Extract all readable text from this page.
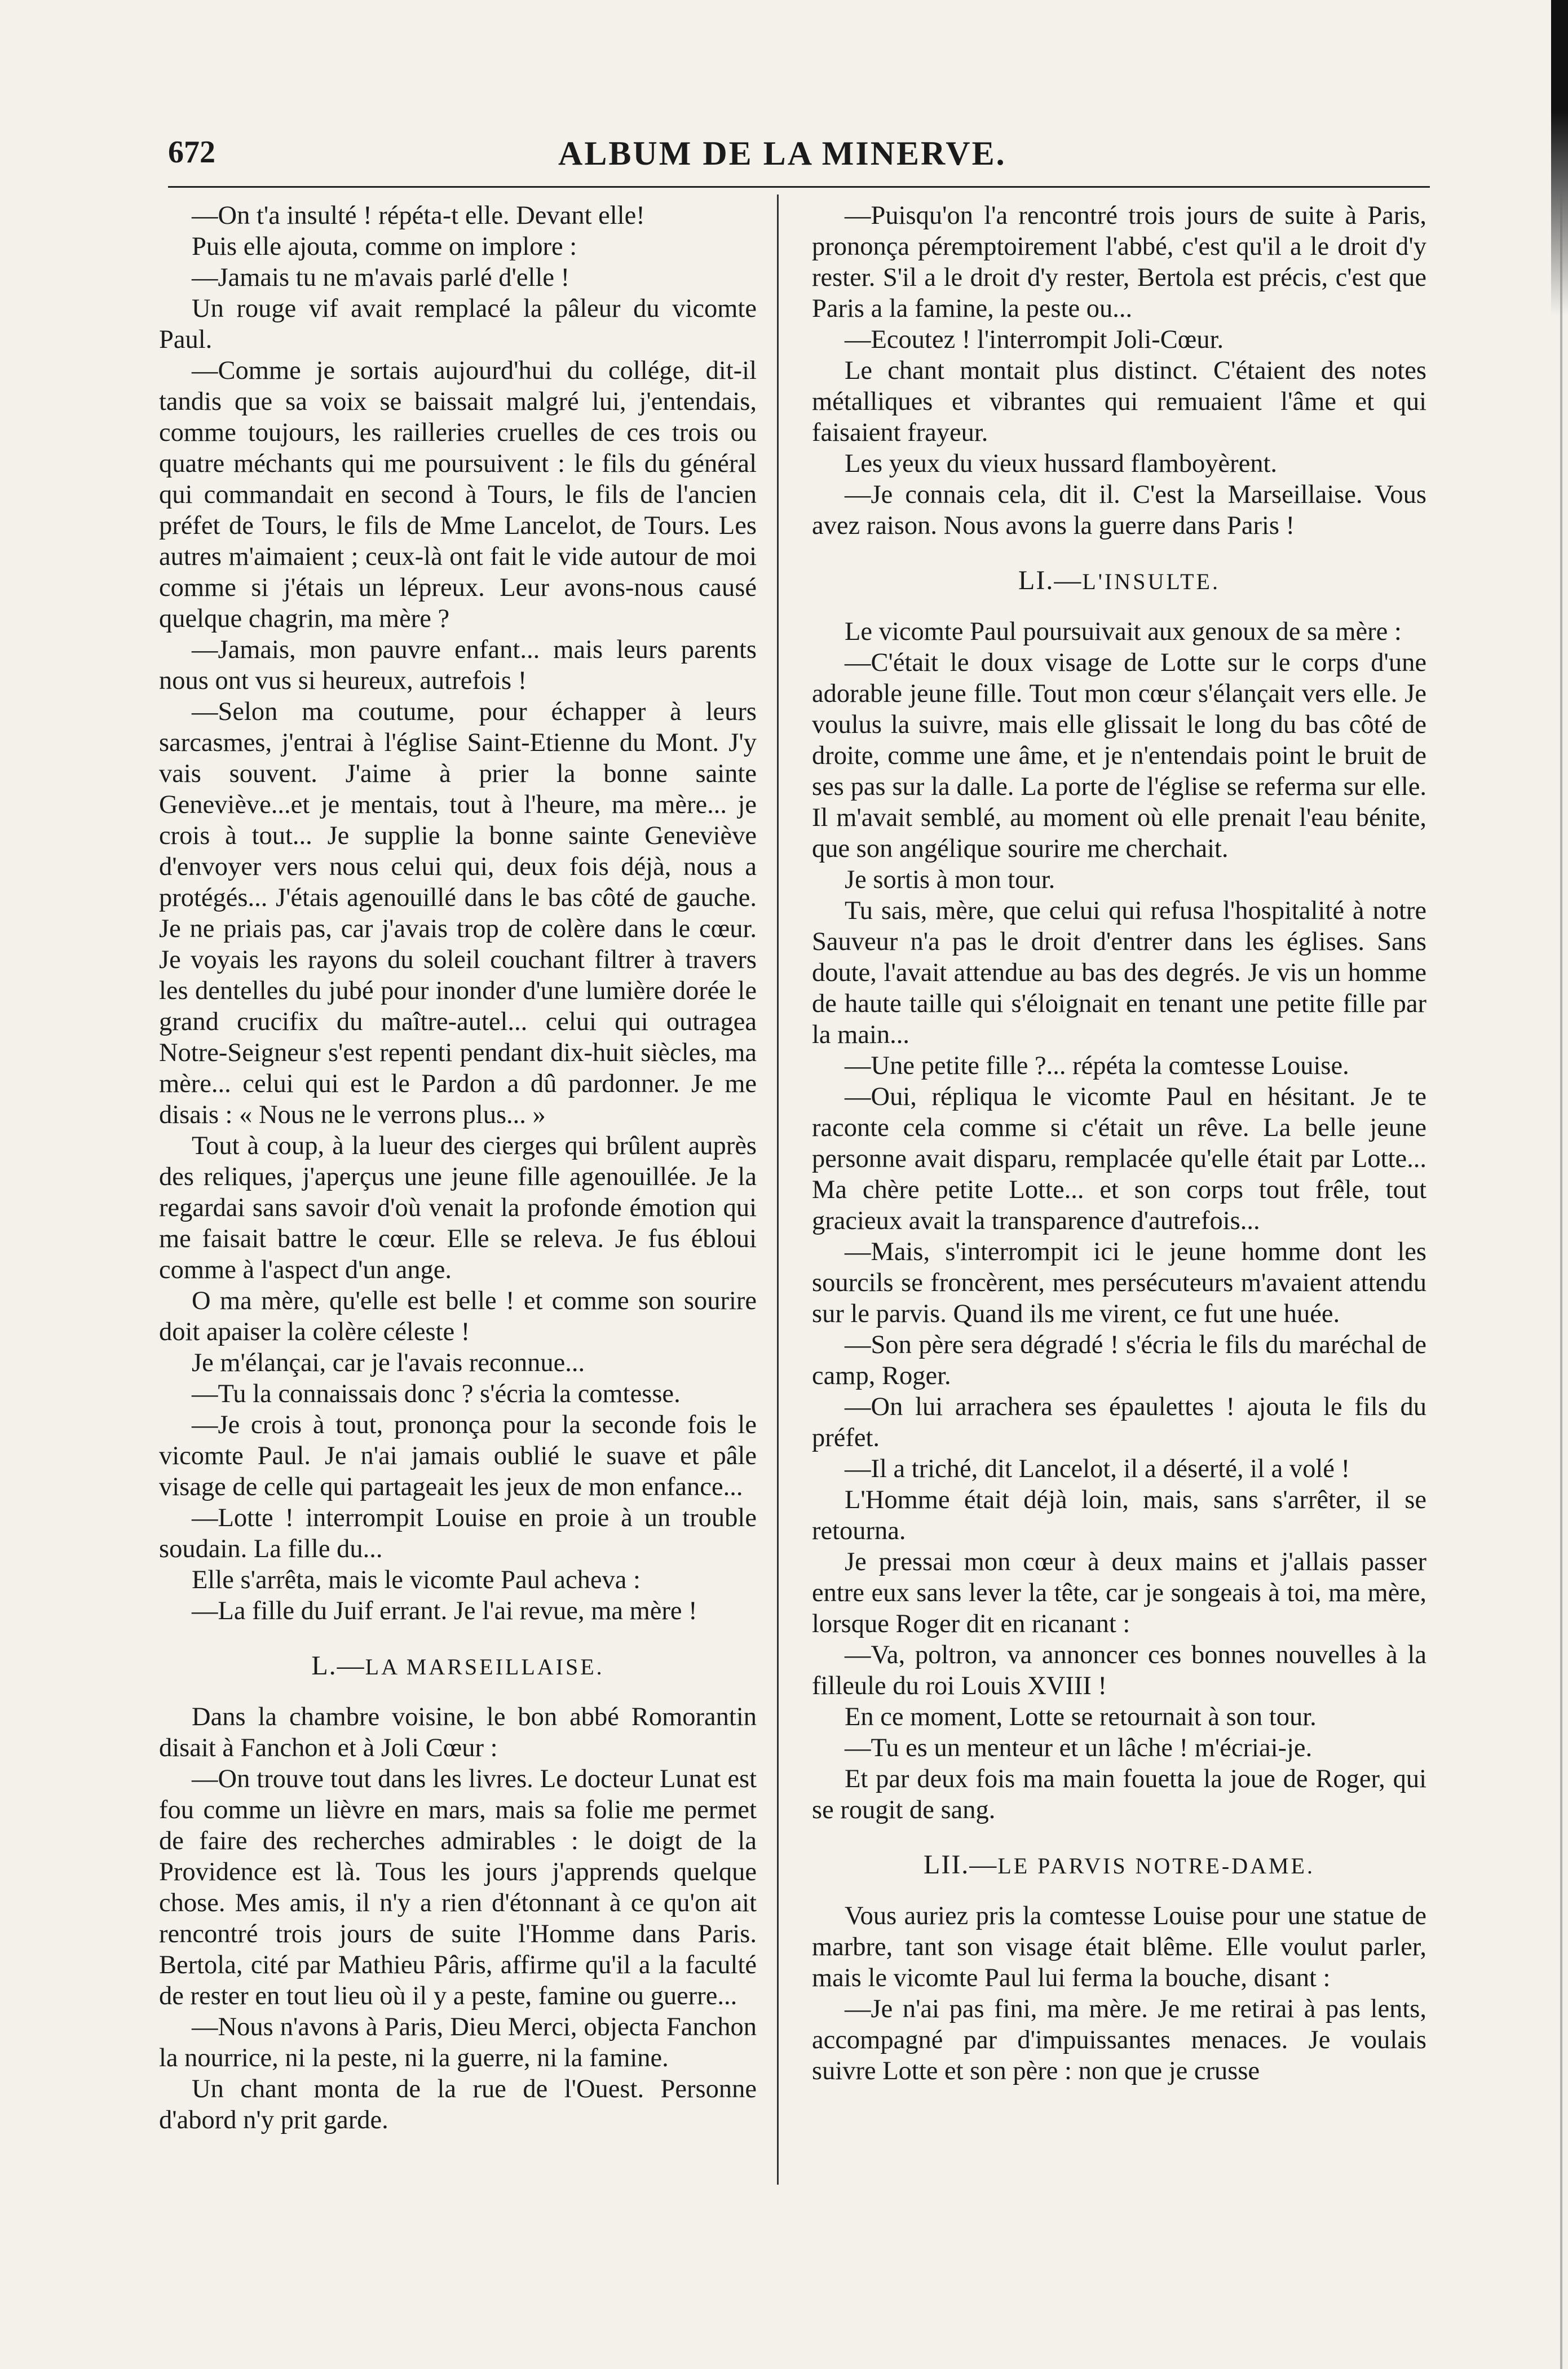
672	ALBUM DE LA MINERVE.

—On t'a insulté ! répéta-t elle. Devant elle!

Puis elle ajouta, comme on implore :

—Jamais tu ne m'avais parlé d'elle !

Un rouge vif avait remplacé la pâleur du vicomte Paul.

—Comme je sortais aujourd'hui du collége, dit-il tandis que sa voix se baissait malgré lui, j'entendais, comme toujours, les railleries cruelles de ces trois ou quatre méchants qui me poursuivent : le fils du général qui commandait en second à Tours, le fils de l'ancien préfet de Tours, le fils de Mme Lancelot, de Tours. Les autres m'aimaient ; ceux-là ont fait le vide autour de moi comme si j'étais un lépreux. Leur avons-nous causé quelque chagrin, ma mère ?

—Jamais, mon pauvre enfant... mais leurs parents nous ont vus si heureux, autrefois !

—Selon ma coutume, pour échapper à leurs sarcasmes, j'entrai à l'église Saint-Etienne du Mont. J'y vais souvent. J'aime à prier la bonne sainte Geneviève...et je mentais, tout à l'heure, ma mère... je crois à tout... Je supplie la bonne sainte Geneviève d'envoyer vers nous celui qui, deux fois déjà, nous a protégés... J'étais agenouillé dans le bas côté de gauche. Je ne priais pas, car j'avais trop de colère dans le cœur. Je voyais les rayons du soleil couchant filtrer à travers les dentelles du jubé pour inonder d'une lumière dorée le grand crucifix du maître-autel... celui qui outragea Notre-Seigneur s'est repenti pendant dix-huit siècles, ma mère... celui qui est le Pardon a dû pardonner. Je me disais : « Nous ne le verrons plus... »

Tout à coup, à la lueur des cierges qui brûlent auprès des reliques, j'aperçus une jeune fille agenouillée. Je la regardai sans savoir d'où venait la profonde émotion qui me faisait battre le cœur. Elle se releva. Je fus ébloui comme à l'aspect d'un ange.

O ma mère, qu'elle est belle ! et comme son sourire doit apaiser la colère céleste !

Je m'élançai, car je l'avais reconnue...

—Tu la connaissais donc ? s'écria la comtesse.

—Je crois à tout, prononça pour la seconde fois le vicomte Paul. Je n'ai jamais oublié le suave et pâle visage de celle qui partageait les jeux de mon enfance...

—Lotte ! interrompit Louise en proie à un trouble soudain. La fille du...

Elle s'arrêta, mais le vicomte Paul acheva :

—La fille du Juif errant. Je l'ai revue, ma mère !

L.—LA MARSEILLAISE.

Dans la chambre voisine, le bon abbé Romorantin disait à Fanchon et à Joli Cœur :

—On trouve tout dans les livres. Le docteur Lunat est fou comme un lièvre en mars, mais sa folie me permet de faire des recherches admirables : le doigt de la Providence est là. Tous les jours j'apprends quelque chose. Mes amis, il n'y a rien d'étonnant à ce qu'on ait rencontré trois jours de suite l'Homme dans Paris. Bertola, cité par Mathieu Pâris, affirme qu'il a la faculté de rester en tout lieu où il y a peste, famine ou guerre...

—Nous n'avons à Paris, Dieu Merci, objecta Fanchon la nourrice, ni la peste, ni la guerre, ni la famine.

Un chant monta de la rue de l'Ouest. Personne d'abord n'y prit garde.

—Puisqu'on l'a rencontré trois jours de suite à Paris, prononça péremptoirement l'abbé, c'est qu'il a le droit d'y rester. S'il a le droit d'y rester, Bertola est précis, c'est que Paris a la famine, la peste ou...

—Ecoutez ! l'interrompit Joli-Cœur.

Le chant montait plus distinct. C'étaient des notes métalliques et vibrantes qui remuaient l'âme et qui faisaient frayeur.

Les yeux du vieux hussard flamboyèrent.

—Je connais cela, dit il. C'est la Marseillaise. Vous avez raison. Nous avons la guerre dans Paris !

LI.—L'INSULTE.

Le vicomte Paul poursuivait aux genoux de sa mère :

—C'était le doux visage de Lotte sur le corps d'une adorable jeune fille. Tout mon cœur s'élançait vers elle. Je voulus la suivre, mais elle glissait le long du bas côté de droite, comme une âme, et je n'entendais point le bruit de ses pas sur la dalle. La porte de l'église se referma sur elle. Il m'avait semblé, au moment où elle prenait l'eau bénite, que son angélique sourire me cherchait.

Je sortis à mon tour.

Tu sais, mère, que celui qui refusa l'hospitalité à notre Sauveur n'a pas le droit d'entrer dans les églises. Sans doute, l'avait attendue au bas des degrés. Je vis un homme de haute taille qui s'éloignait en tenant une petite fille par la main...

—Une petite fille ?... répéta la comtesse Louise.

—Oui, répliqua le vicomte Paul en hésitant. Je te raconte cela comme si c'était un rêve. La belle jeune personne avait disparu, remplacée qu'elle était par Lotte... Ma chère petite Lotte... et son corps tout frêle, tout gracieux avait la transparence d'autrefois...

—Mais, s'interrompit ici le jeune homme dont les sourcils se froncèrent, mes persécuteurs m'avaient attendu sur le parvis. Quand ils me virent, ce fut une huée.

—Son père sera dégradé ! s'écria le fils du maréchal de camp, Roger.

—On lui arrachera ses épaulettes ! ajouta le fils du préfet.

—Il a triché, dit Lancelot, il a déserté, il a volé !

L'Homme était déjà loin, mais, sans s'arrêter, il se retourna.

Je pressai mon cœur à deux mains et j'allais passer entre eux sans lever la tête, car je songeais à toi, ma mère, lorsque Roger dit en ricanant :

—Va, poltron, va annoncer ces bonnes nouvelles à la filleule du roi Louis XVIII !

En ce moment, Lotte se retournait à son tour.

—Tu es un menteur et un lâche ! m'écriai-je.

Et par deux fois ma main fouetta la joue de Roger, qui se rougit de sang.

LII.—LE PARVIS NOTRE-DAME.

Vous auriez pris la comtesse Louise pour une statue de marbre, tant son visage était blême. Elle voulut parler, mais le vicomte Paul lui ferma la bouche, disant :

—Je n'ai pas fini, ma mère. Je me retirai à pas lents, accompagné par d'impuissantes menaces. Je voulais suivre Lotte et son père : non que je crusse
